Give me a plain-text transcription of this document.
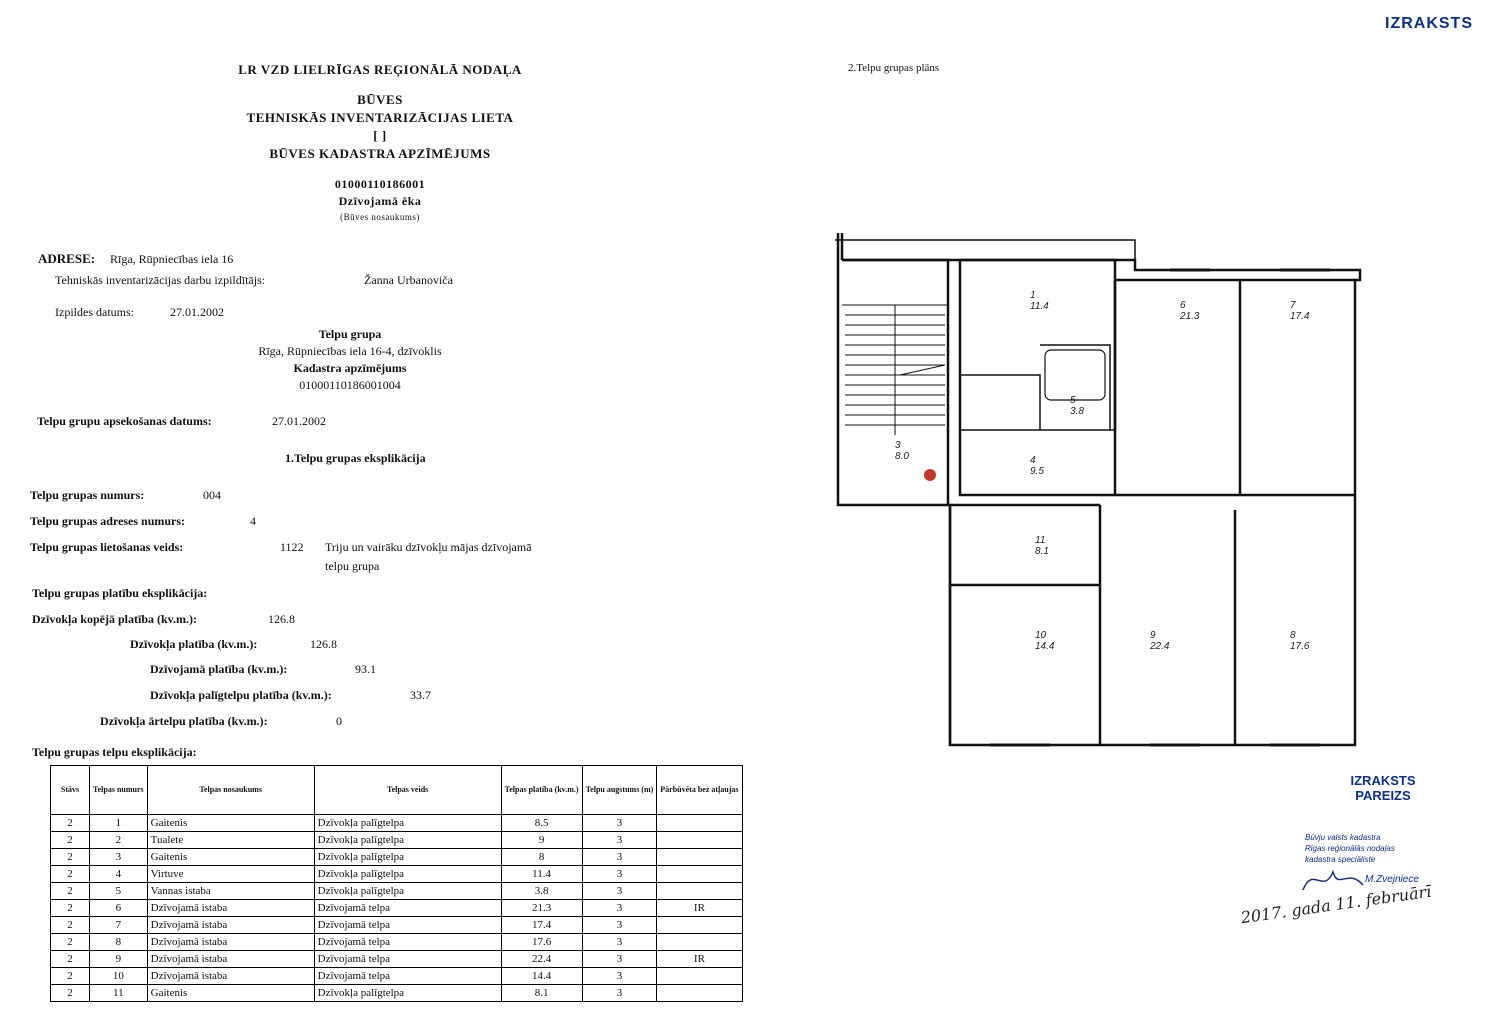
IZRAKSTS
LR VZD LIELRĪGAS REĢIONĀLĀ NODAĻA
BŪVES
TEHNISKĀS INVENTARIZĀCIJAS LIETA
[ ]
BŪVES KADASTRA APZĪMĒJUMS
01000110186001
Dzīvojamā ēka
(Būves nosaukums)
ADRESE: Rīga, Rūpniecības iela 16
Tehniskās inventarizācijas darbu izpildītājs:	Žanna Urbanoviča
Izpildes datums:	27.01.2002
Telpu grupa
Rīga, Rūpniecības iela 16-4, dzīvoklis
Kadastra apzīmējums
01000110186001004
Telpu grupu apsekošanas datums:	27.01.2002
1.Telpu grupas eksplikācija
Telpu grupas numurs:	004
Telpu grupas adreses numurs:	4
Telpu grupas lietošanas veids:	1122 Triju un vairāku dzīvokļu mājas dzīvojamā
telpu grupa
Telpu grupas platību eksplikācija:
Dzīvokļa kopējā platība (kv.m.):	126.8
Dzīvokļa platība (kv.m.):	126.8
Dzīvojamā platība (kv.m.):	93.1
Dzīvokļa palīgtelpu platība (kv.m.):	33.7
Dzīvokļa ārtelpu platība (kv.m.):	0
Telpu grupas telpu eksplikācija:
Stāvs	Telpas numurs	Telpas nosaukums	Telpas veids	Telpas platība (kv.m.)	Telpu augstums (m)	Pārbūvēta bez atļaujas
2	1	Gaitenis	Dzīvokļa palīgtelpa	8.5	3	
2	2	Tualete	Dzīvokļa palīgtelpa	9	3	
2	3	Gaitenis	Dzīvokļa palīgtelpa	8	3	
2	4	Virtuve	Dzīvokļa palīgtelpa	11.4	3	
2	5	Vannas istaba	Dzīvokļa palīgtelpa	3.8	3	
2	6	Dzīvojamā istaba	Dzīvojamā telpa	21.3	3	IR
2	7	Dzīvojamā istaba	Dzīvojamā telpa	17.4	3	
2	8	Dzīvojamā istaba	Dzīvojamā telpa	17.6	3	
2	9	Dzīvojamā istaba	Dzīvojamā telpa	22.4	3	IR
2	10	Dzīvojamā istaba	Dzīvojamā telpa	14.4	3	
2	11	Gaitenis	Dzīvokļa palīgtelpa	8.1	3	
2.Telpu grupas plāns
1
11.4	6
21.3
7
17.4
3
8.0	4
9.5
11
8.1
10
14.4
9
22.4
8
17.6
5
3.8
IZRAKSTS
PAREIZS
Būvju valsts kadastra
Rīgas reģionālās nodaļas
kadastra speciāliste
M.Zvejniece
2017. gada 11. februārī
